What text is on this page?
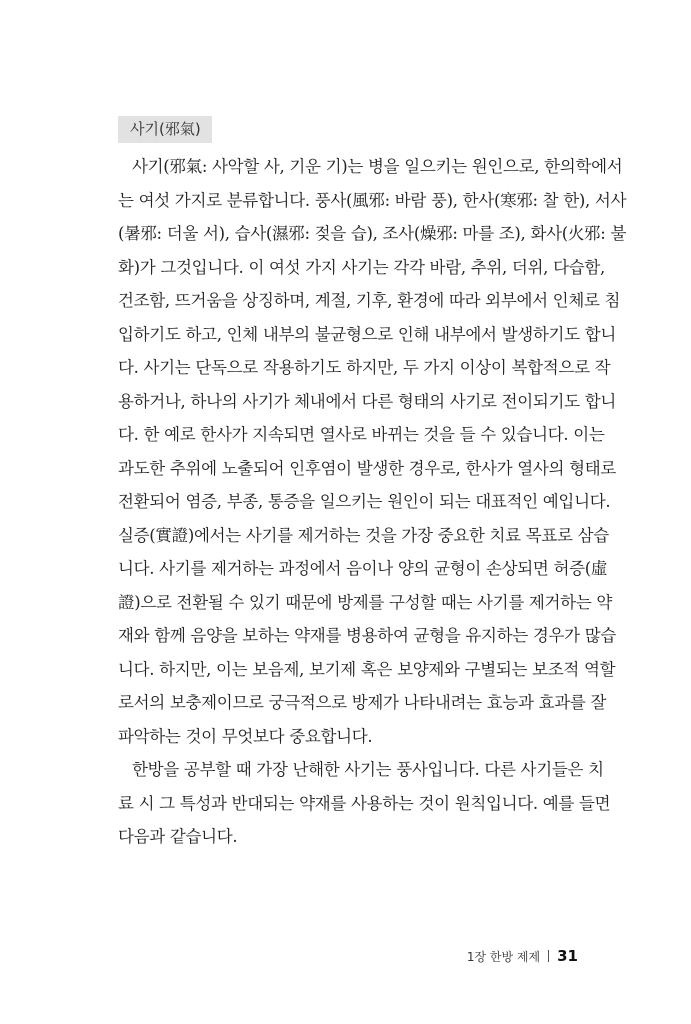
사기(邪氣)
사기(邪氣: 사악할 사, 기운 기)는 병을 일으키는 원인으로, 한의학에서
는 여섯 가지로 분류합니다. 풍사(風邪: 바람 풍), 한사(寒邪: 찰 한), 서사
(暑邪: 더울 서), 습사(濕邪: 젖을 습), 조사(燥邪: 마를 조), 화사(火邪: 불
화)가 그것입니다. 이 여섯 가지 사기는 각각 바람, 추위, 더위, 다습함,
건조함, 뜨거움을 상징하며, 계절, 기후, 환경에 따라 외부에서 인체로 침
입하기도 하고, 인체 내부의 불균형으로 인해 내부에서 발생하기도 합니
다. 사기는 단독으로 작용하기도 하지만, 두 가지 이상이 복합적으로 작
용하거나, 하나의 사기가 체내에서 다른 형태의 사기로 전이되기도 합니
다. 한 예로 한사가 지속되면 열사로 바뀌는 것을 들 수 있습니다. 이는
과도한 추위에 노출되어 인후염이 발생한 경우로, 한사가 열사의 형태로
전환되어 염증, 부종, 통증을 일으키는 원인이 되는 대표적인 예입니다.
실증(實證)에서는 사기를 제거하는 것을 가장 중요한 치료 목표로 삼습
니다. 사기를 제거하는 과정에서 음이나 양의 균형이 손상되면 허증(虛
證)으로 전환될 수 있기 때문에 방제를 구성할 때는 사기를 제거하는 약
재와 함께 음양을 보하는 약재를 병용하여 균형을 유지하는 경우가 많습
니다. 하지만, 이는 보음제, 보기제 혹은 보양제와 구별되는 보조적 역할
로서의 보충제이므로 궁극적으로 방제가 나타내려는 효능과 효과를 잘
파악하는 것이 무엇보다 중요합니다.
한방을 공부할 때 가장 난해한 사기는 풍사입니다. 다른 사기들은 치
료 시 그 특성과 반대되는 약재를 사용하는 것이 원칙입니다. 예를 들면
다음과 같습니다.
1장 한방 제제 31
